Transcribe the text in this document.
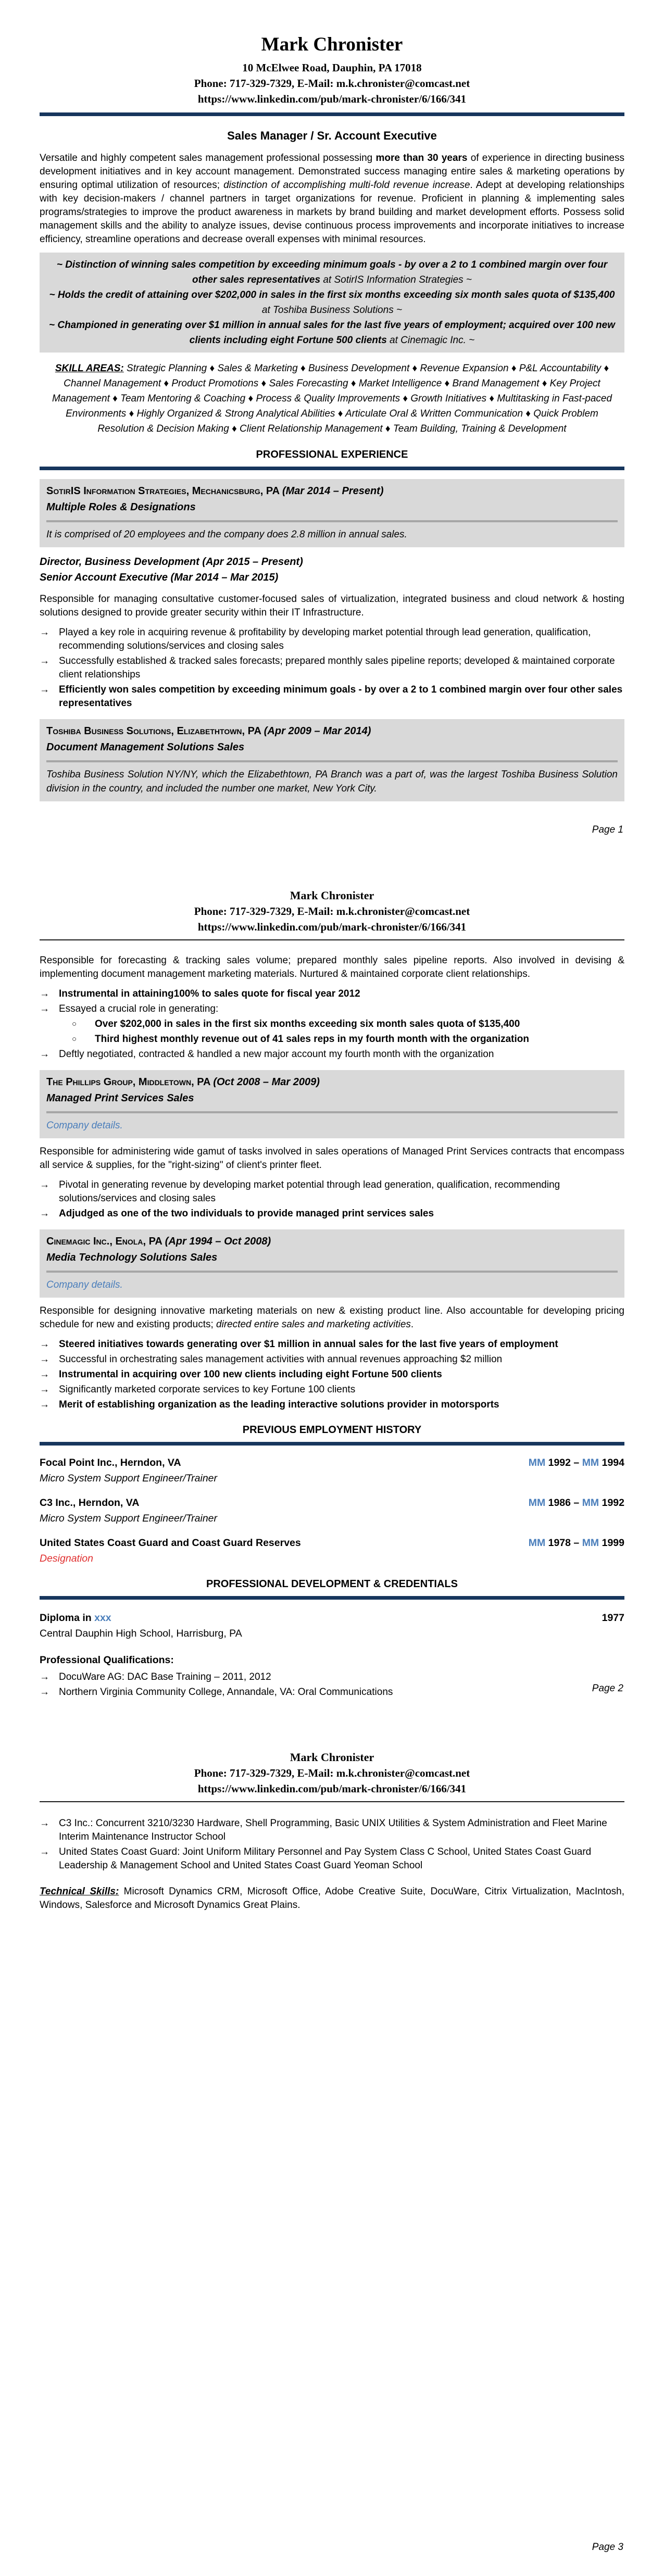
Mark Chronister

10 McElwee Road, Dauphin, PA 17018

Phone: 717-329-7329, E-Mail: m.k.chronister@comcast.net

https://www.linkedin.com/pub/mark-chronister/6/166/341

Sales Manager / Sr. Account Executive

Versatile and highly competent sales management professional possessing more than 30 years of experience in directing business development initiatives and in key account management. Demonstrated success managing entire sales & marketing operations by ensuring optimal utilization of resources; distinction of accomplishing multi-fold revenue increase. Adept at developing relationships with key decision-makers / channel partners in target organizations for revenue. Proficient in planning & implementing sales programs/strategies to improve the product awareness in markets by brand building and market development efforts. Possess solid management skills and the ability to analyze issues, devise continuous process improvements and incorporate initiatives to increase efficiency, streamline operations and decrease overall expenses with minimal resources.

~ Distinction of winning sales competition by exceeding minimum goals - by over a 2 to 1 combined margin over four other sales representatives at SotirIS Information Strategies ~

~ Holds the credit of attaining over $202,000 in sales in the first six months exceeding six month sales quota of $135,400 at Toshiba Business Solutions ~

~ Championed in generating over $1 million in annual sales for the last five years of employment; acquired over 100 new clients including eight Fortune 500 clients at Cinemagic Inc. ~

SKILL AREAS: Strategic Planning ♦ Sales & Marketing ♦ Business Development ♦ Revenue Expansion ♦ P&L Accountability ♦ Channel Management ♦ Product Promotions ♦ Sales Forecasting ♦ Market Intelligence ♦ Brand Management ♦ Key Project Management ♦ Team Mentoring & Coaching ♦ Process & Quality Improvements ♦ Growth Initiatives ♦ Multitasking in Fast-paced Environments ♦ Highly Organized & Strong Analytical Abilities ♦ Articulate Oral & Written Communication ♦ Quick Problem Resolution & Decision Making ♦ Client Relationship Management ♦ Team Building, Training & Development

PROFESSIONAL EXPERIENCE
SotirIS Information Strategies, Mechanicsburg, PA (Mar 2014 – Present)
Multiple Roles & Designations
It is comprised of 20 employees and the company does 2.8 million in annual sales.
Director, Business Development (Apr 2015 – Present)
Senior Account Executive (Mar 2014 – Mar 2015)

Responsible for managing consultative customer-focused sales of virtualization, integrated business and cloud network & hosting solutions designed to provide greater security within their IT Infrastructure.

→ Played a key role in acquiring revenue & profitability by developing market potential through lead generation, qualification, recommending solutions/services and closing sales
→ Successfully established & tracked sales forecasts; prepared monthly sales pipeline reports; developed & maintained corporate client relationships
→ Efficiently won sales competition by exceeding minimum goals - by over a 2 to 1 combined margin over four other sales representatives
Toshiba Business Solutions, Elizabethtown, PA (Apr 2009 – Mar 2014)
Document Management Solutions Sales
Toshiba Business Solution NY/NY, which the Elizabethtown, PA Branch was a part of, was the largest Toshiba Business Solution division in the country, and included the number one market, New York City.
Page 1
Mark Chronister

Phone: 717-329-7329, E-Mail: m.k.chronister@comcast.net

https://www.linkedin.com/pub/mark-chronister/6/166/341

Responsible for forecasting & tracking sales volume; prepared monthly sales pipeline reports. Also involved in devising & implementing document management marketing materials. Nurtured & maintained corporate client relationships.

→ Instrumental in attaining100% to sales quote for fiscal year 2012
→ Essayed a crucial role in generating:
○	Over $202,000 in sales in the first six months exceeding six month sales quota of $135,400
○	Third highest monthly revenue out of 41 sales reps in my fourth month with the organization
→ Deftly negotiated, contracted & handled a new major account my fourth month with the organization
The Phillips Group, Middletown, PA (Oct 2008 – Mar 2009)
Managed Print Services Sales
Company details.

Responsible for administering wide gamut of tasks involved in sales operations of Managed Print Services contracts that encompass all service & supplies, for the "right-sizing" of client's printer fleet.

→ Pivotal in generating revenue by developing market potential through lead generation, qualification, recommending solutions/services and closing sales
→ Adjudged as one of the two individuals to provide managed print services sales
Cinemagic Inc., Enola, PA (Apr 1994 – Oct 2008)
Media Technology Solutions Sales
Company details.

Responsible for designing innovative marketing materials on new & existing product line. Also accountable for developing pricing schedule for new and existing products; directed entire sales and marketing activities.

→ Steered initiatives towards generating over $1 million in annual sales for the last five years of employment
→ Successful in orchestrating sales management activities with annual revenues approaching $2 million
→ Instrumental in acquiring over 100 new clients including eight Fortune 500 clients
→ Significantly marketed corporate services to key Fortune 100 clients
→ Merit of establishing organization as the leading interactive solutions provider in motorsports
PREVIOUS EMPLOYMENT HISTORY
Focal Point Inc., Herndon, VA	MM 1992 – MM 1994
Micro System Support Engineer/Trainer
C3 Inc., Herndon, VA	MM 1986 – MM 1992
Micro System Support Engineer/Trainer
United States Coast Guard and Coast Guard Reserves	MM 1978 – MM 1999
Designation
PROFESSIONAL DEVELOPMENT & CREDENTIALS
Diploma in xxx	1977
Central Dauphin High School, Harrisburg, PA
Professional Qualifications:
→ DocuWare AG: DAC Base Training – 2011, 2012
→ Northern Virginia Community College, Annandale, VA: Oral Communications	Page 2
Mark Chronister

Phone: 717-329-7329, E-Mail: m.k.chronister@comcast.net

https://www.linkedin.com/pub/mark-chronister/6/166/341

→ C3 Inc.: Concurrent 3210/3230 Hardware, Shell Programming, Basic UNIX Utilities & System Administration and Fleet Marine Interim Maintenance Instructor School
→ United States Coast Guard: Joint Uniform Military Personnel and Pay System Class C School, United States Coast Guard Leadership & Management School and United States Coast Guard Yeoman School

Technical Skills: Microsoft Dynamics CRM, Microsoft Office, Adobe Creative Suite, DocuWare, Citrix Virtualization, MacIntosh, Windows, Salesforce and Microsoft Dynamics Great Plains.

Page 3
